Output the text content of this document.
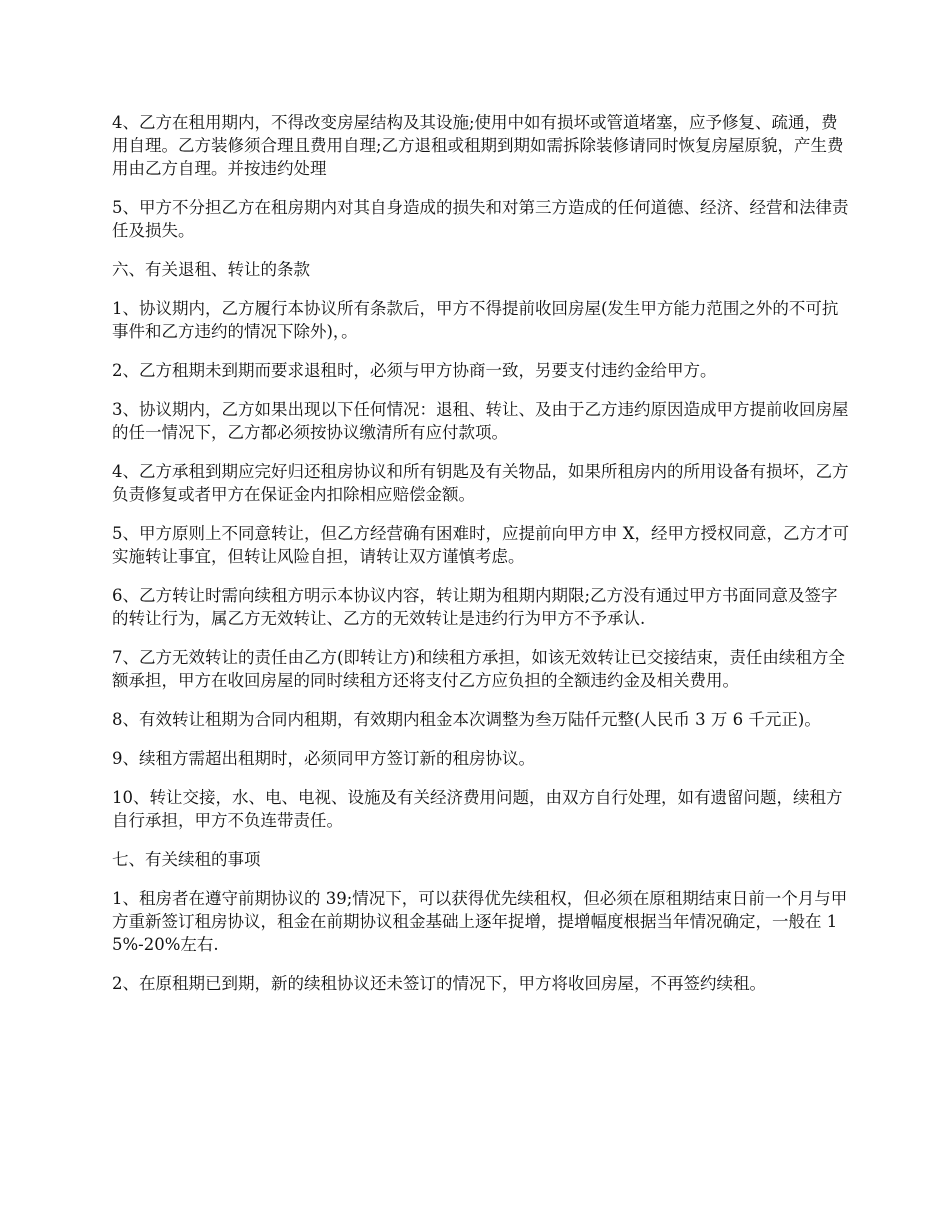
4、乙方在租用期内，不得改变房屋结构及其设施;使用中如有损坏或管道堵塞，应予修复、疏通，费用自理。乙方装修须合理且费用自理;乙方退租或租期到期如需拆除装修请同时恢复房屋原貌，产生费用由乙方自理。并按违约处理

5、甲方不分担乙方在租房期内对其自身造成的损失和对第三方造成的任何道德、经济、经营和法律责任及损失。

六、有关退租、转让的条款

1、协议期内，乙方履行本协议所有条款后，甲方不得提前收回房屋(发生甲方能力范围之外的不可抗事件和乙方违约的情况下除外)，。

2、乙方租期未到期而要求退租时，必须与甲方协商一致，另要支付违约金给甲方。

3、协议期内，乙方如果出现以下任何情况：退租、转让、及由于乙方违约原因造成甲方提前收回房屋的任一情况下，乙方都必须按协议缴清所有应付款项。

4、乙方承租到期应完好归还租房协议和所有钥匙及有关物品，如果所租房内的所用设备有损坏，乙方负责修复或者甲方在保证金内扣除相应赔偿金额。

5、甲方原则上不同意转让，但乙方经营确有困难时，应提前向甲方申 X，经甲方授权同意，乙方才可实施转让事宜，但转让风险自担，请转让双方谨慎考虑。

6、乙方转让时需向续租方明示本协议内容，转让期为租期内期限;乙方没有通过甲方书面同意及签字的转让行为，属乙方无效转让、乙方的无效转让是违约行为甲方不予承认.

7、乙方无效转让的责任由乙方(即转让方)和续租方承担，如该无效转让已交接结束，责任由续租方全额承担，甲方在收回房屋的同时续租方还将支付乙方应负担的全额违约金及相关费用。

8、有效转让租期为合同内租期，有效期内租金本次调整为叁万陆仟元整(人民币 3 万 6 千元正)。

9、续租方需超出租期时，必须同甲方签订新的租房协议。

10、转让交接，水、电、电视、设施及有关经济费用问题，由双方自行处理，如有遗留问题，续租方自行承担，甲方不负连带责任。

七、有关续租的事项

1、租房者在遵守前期协议的 39;情况下，可以获得优先续租权，但必须在原租期结束日前一个月与甲方重新签订租房协议，租金在前期协议租金基础上逐年捉增，提增幅度根据当年情况确定，一般在 15%-20%左右.

2、在原租期已到期，新的续租协议还未签订的情况下，甲方将收回房屋，不再签约续租。
